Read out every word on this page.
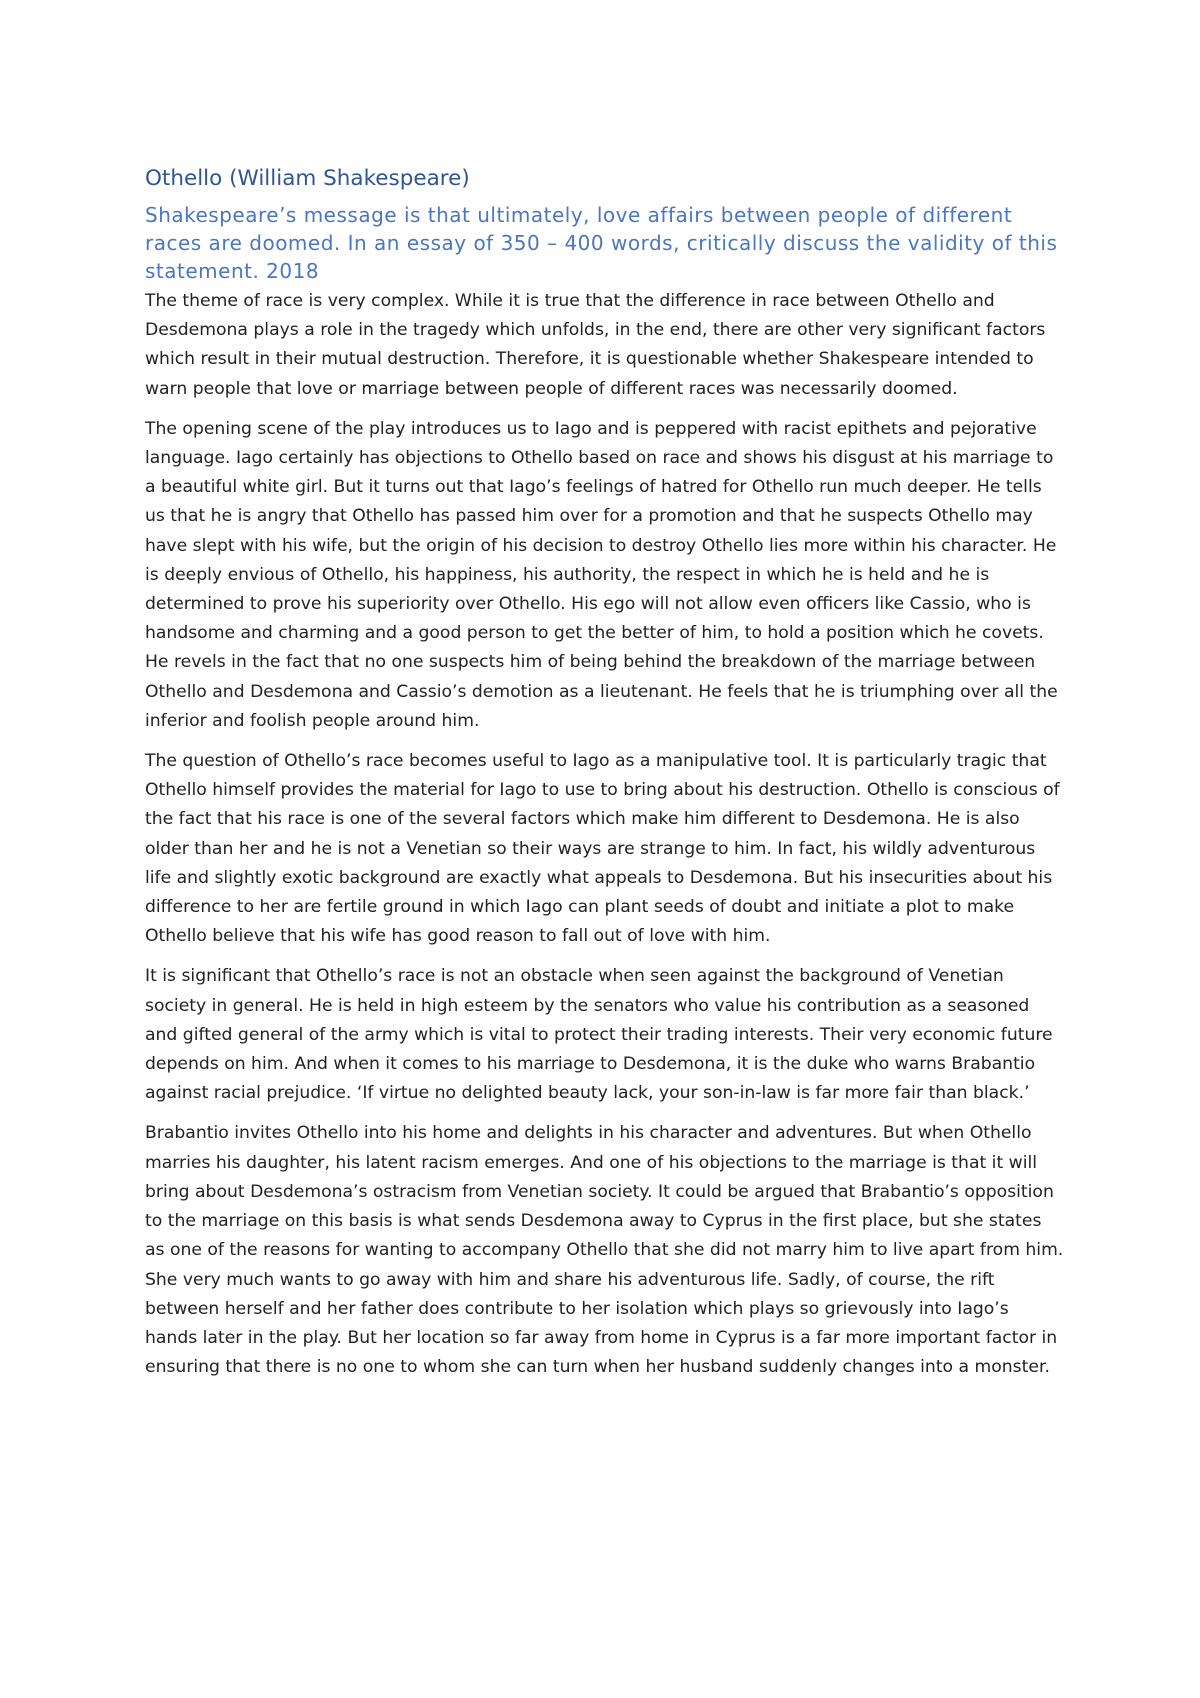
Othello (William Shakespeare)
Shakespeare’s message is that ultimately, love affairs between people of different races are doomed. In an essay of 350 – 400 words, critically discuss the validity of this statement. 2018

The theme of race is very complex. While it is true that the difference in race between Othello and Desdemona plays a role in the tragedy which unfolds, in the end, there are other very significant factors which result in their mutual destruction. Therefore, it is questionable whether Shakespeare intended to warn people that love or marriage between people of different races was necessarily doomed.

The opening scene of the play introduces us to Iago and is peppered with racist epithets and pejorative language. Iago certainly has objections to Othello based on race and shows his disgust at his marriage to a beautiful white girl. But it turns out that Iago’s feelings of hatred for Othello run much deeper. He tells us that he is angry that Othello has passed him over for a promotion and that he suspects Othello may have slept with his wife, but the origin of his decision to destroy Othello lies more within his character. He is deeply envious of Othello, his happiness, his authority, the respect in which he is held and he is determined to prove his superiority over Othello. His ego will not allow even officers like Cassio, who is handsome and charming and a good person to get the better of him, to hold a position which he covets. He revels in the fact that no one suspects him of being behind the breakdown of the marriage between Othello and Desdemona and Cassio’s demotion as a lieutenant. He feels that he is triumphing over all the inferior and foolish people around him.

The question of Othello’s race becomes useful to Iago as a manipulative tool. It is particularly tragic that Othello himself provides the material for Iago to use to bring about his destruction. Othello is conscious of the fact that his race is one of the several factors which make him different to Desdemona. He is also older than her and he is not a Venetian so their ways are strange to him. In fact, his wildly adventurous life and slightly exotic background are exactly what appeals to Desdemona. But his insecurities about his difference to her are fertile ground in which Iago can plant seeds of doubt and initiate a plot to make Othello believe that his wife has good reason to fall out of love with him.

It is significant that Othello’s race is not an obstacle when seen against the background of Venetian society in general. He is held in high esteem by the senators who value his contribution as a seasoned and gifted general of the army which is vital to protect their trading interests. Their very economic future depends on him. And when it comes to his marriage to Desdemona, it is the duke who warns Brabantio against racial prejudice. ‘If virtue no delighted beauty lack, your son-in-law is far more fair than black.’

Brabantio invites Othello into his home and delights in his character and adventures. But when Othello marries his daughter, his latent racism emerges. And one of his objections to the marriage is that it will bring about Desdemona’s ostracism from Venetian society. It could be argued that Brabantio’s opposition to the marriage on this basis is what sends Desdemona away to Cyprus in the first place, but she states as one of the reasons for wanting to accompany Othello that she did not marry him to live apart from him. She very much wants to go away with him and share his adventurous life. Sadly, of course, the rift between herself and her father does contribute to her isolation which plays so grievously into Iago’s hands later in the play. But her location so far away from home in Cyprus is a far more important factor in ensuring that there is no one to whom she can turn when her husband suddenly changes into a monster.
